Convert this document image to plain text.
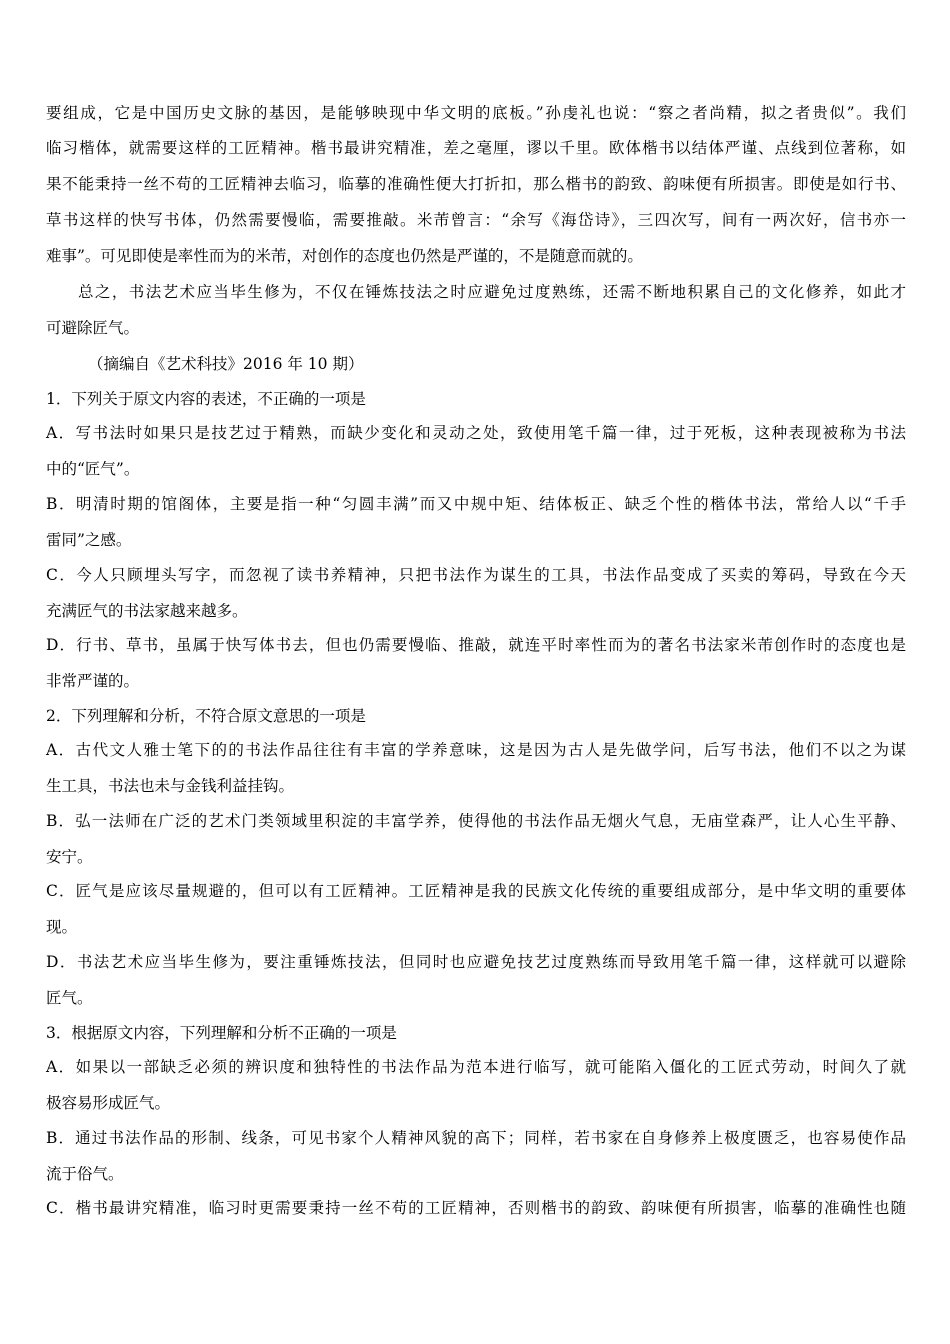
要组成，它是中国历史文脉的基因，是能够映现中华文明的底板。”孙虔礼也说：“察之者尚精，拟之者贵似”。我们
临习楷体，就需要这样的工匠精神。楷书最讲究精准，差之毫厘，谬以千里。欧体楷书以结体严谨、点线到位著称，如
果不能秉持一丝不苟的工匠精神去临习，临摹的准确性便大打折扣，那么楷书的韵致、韵味便有所损害。即使是如行书、
草书这样的快写书体，仍然需要慢临，需要推敲。米芾曾言：“余写《海岱诗》，三四次写，间有一两次好，信书亦一
难事”。可见即使是率性而为的米芾，对创作的态度也仍然是严谨的，不是随意而就的。
总之，书法艺术应当毕生修为，不仅在锤炼技法之时应避免过度熟练，还需不断地积累自己的文化修养，如此才
可避除匠气。
（摘编自《艺术科技》2016 年 10 期）
1．下列关于原文内容的表述，不正确的一项是
A．写书法时如果只是技艺过于精熟，而缺少变化和灵动之处，致使用笔千篇一律，过于死板，这种表现被称为书法
中的“匠气”。
B．明清时期的馆阁体，主要是指一种“匀圆丰满”而又中规中矩、结体板正、缺乏个性的楷体书法，常给人以“千手
雷同”之感。
C．今人只顾埋头写字，而忽视了读书养精神，只把书法作为谋生的工具，书法作品变成了买卖的筹码，导致在今天
充满匠气的书法家越来越多。
D．行书、草书，虽属于快写体书去，但也仍需要慢临、推敲，就连平时率性而为的著名书法家米芾创作时的态度也是
非常严谨的。
2．下列理解和分析，不符合原文意思的一项是
A．古代文人雅士笔下的的书法作品往往有丰富的学养意味，这是因为古人是先做学问，后写书法，他们不以之为谋
生工具，书法也未与金钱利益挂钩。
B．弘一法师在广泛的艺术门类领域里积淀的丰富学养，使得他的书法作品无烟火气息，无庙堂森严，让人心生平静、
安宁。
C．匠气是应该尽量规避的，但可以有工匠精神。工匠精神是我的民族文化传统的重要组成部分，是中华文明的重要体
现。
D．书法艺术应当毕生修为，要注重锤炼技法，但同时也应避免技艺过度熟练而导致用笔千篇一律，这样就可以避除
匠气。
3．根据原文内容，下列理解和分析不正确的一项是
A．如果以一部缺乏必须的辨识度和独特性的书法作品为范本进行临写，就可能陷入僵化的工匠式劳动，时间久了就
极容易形成匠气。
B．通过书法作品的形制、线条，可见书家个人精神风貌的高下；同样，若书家在自身修养上极度匮乏，也容易使作品
流于俗气。
C．楷书最讲究精准，临习时更需要秉持一丝不苟的工匠精神，否则楷书的韵致、韵味便有所损害，临摹的准确性也随
